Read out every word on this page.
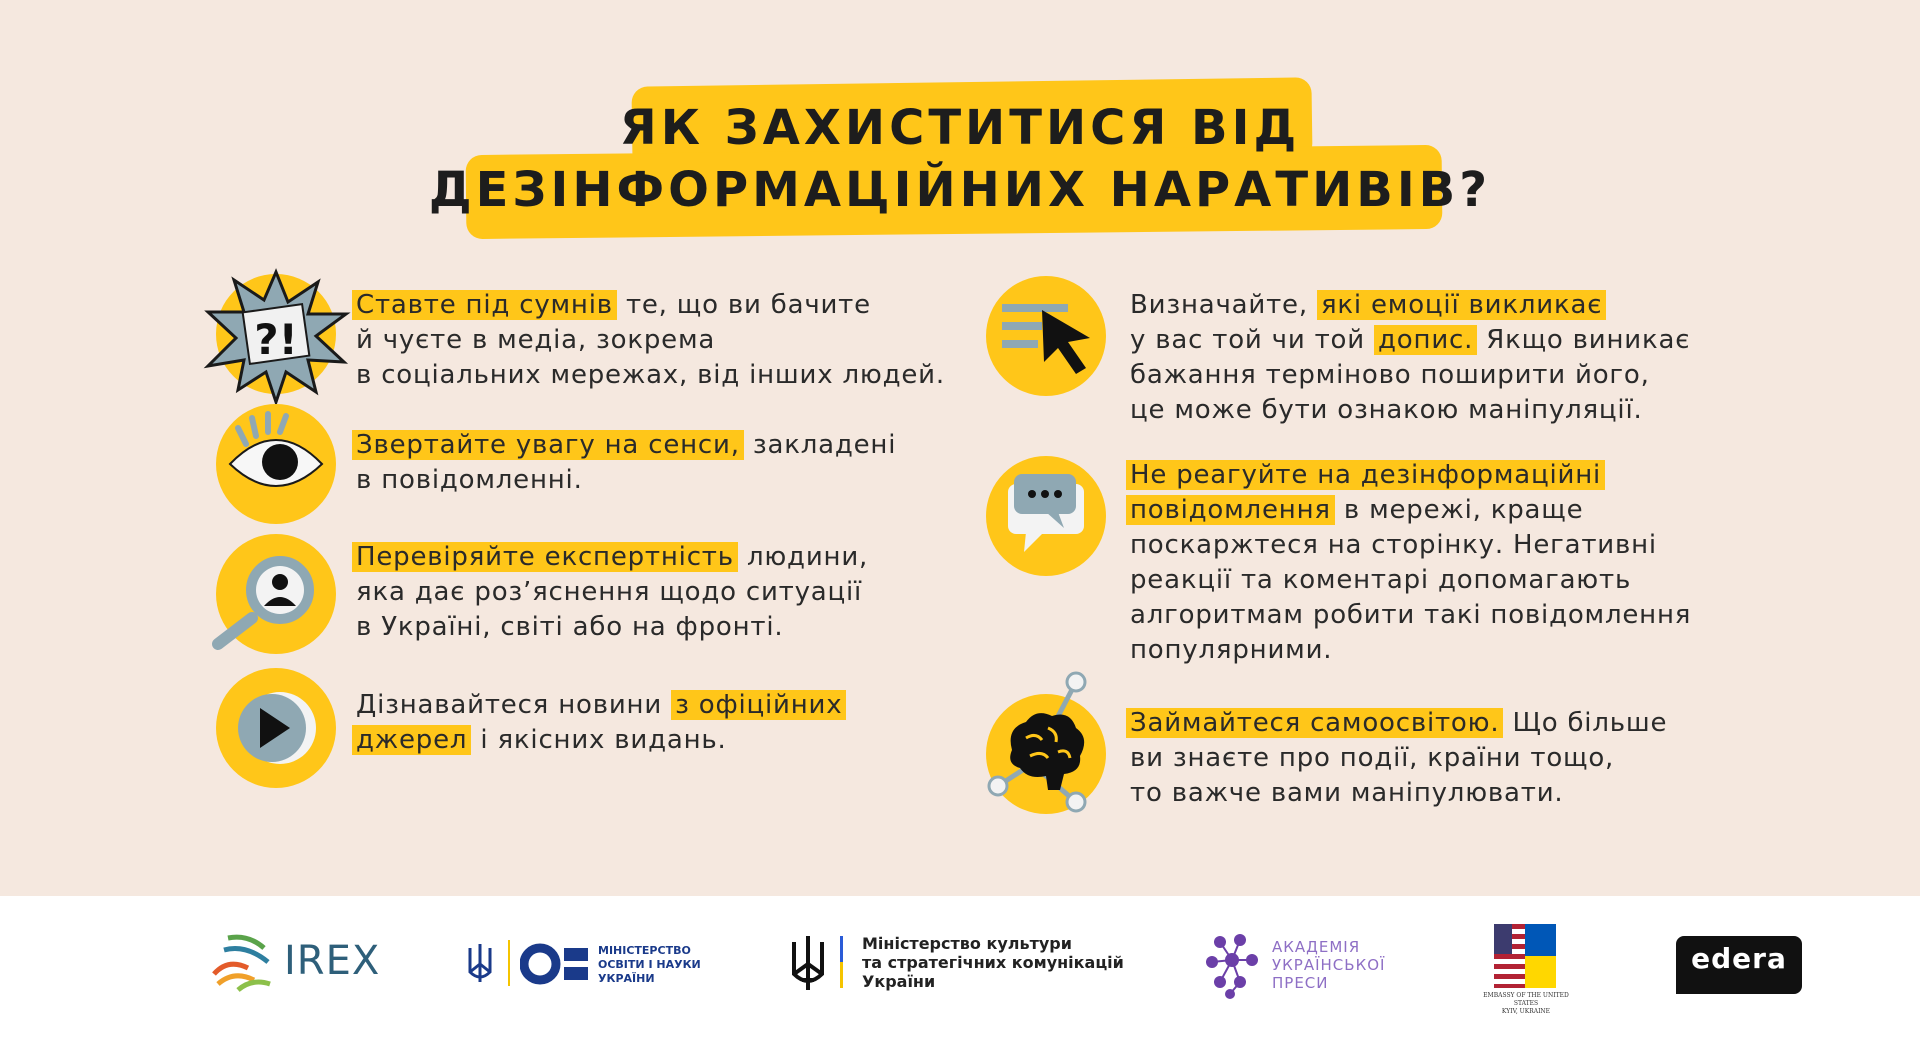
ЯК ЗАХИСТИТИСЯ ВІД
ДЕЗІНФОРМАЦІЙНИХ НАРАТИВІВ?
?!
Ставте під сумнів те, що ви бачите
й чуєте в медіа, зокрема
в соціальних мережах, від інших людей.
Звертайте увагу на сенси, закладені
в повідомленні.
Перевіряйте експертність людини,
яка дає роз’яснення щодо ситуації
в Україні, світі або на фронті.
Дізнавайтеся новини з офіційних
джерел і якісних видань.
Визначайте, які емоції викликає
у вас той чи той допис. Якщо виникає
бажання терміново поширити його,
це може бути ознакою маніпуляції.
Не реагуйте на дезінформаційні
повідомлення в мережі, краще
поскаржтеся на сторінку. Негативні
реакції та коментарі допомагають
алгоритмам робити такі повідомлення
популярними.
Займайтеся самоосвітою. Що більше
ви знаєте про події, країни тощо,
то важче вами маніпулювати.
IREX	МІНІСТЕРСТВО
ОСВІТИ І НАУКИ
УКРАЇНИ
Міністерство культури
та стратегічних комунікацій
України
АКАДЕМІЯ
УКРАЇНСЬКОЇ
ПРЕСИ
EMBASSY OF THE UNITED STATES
KYIV, UKRAINE
edera
